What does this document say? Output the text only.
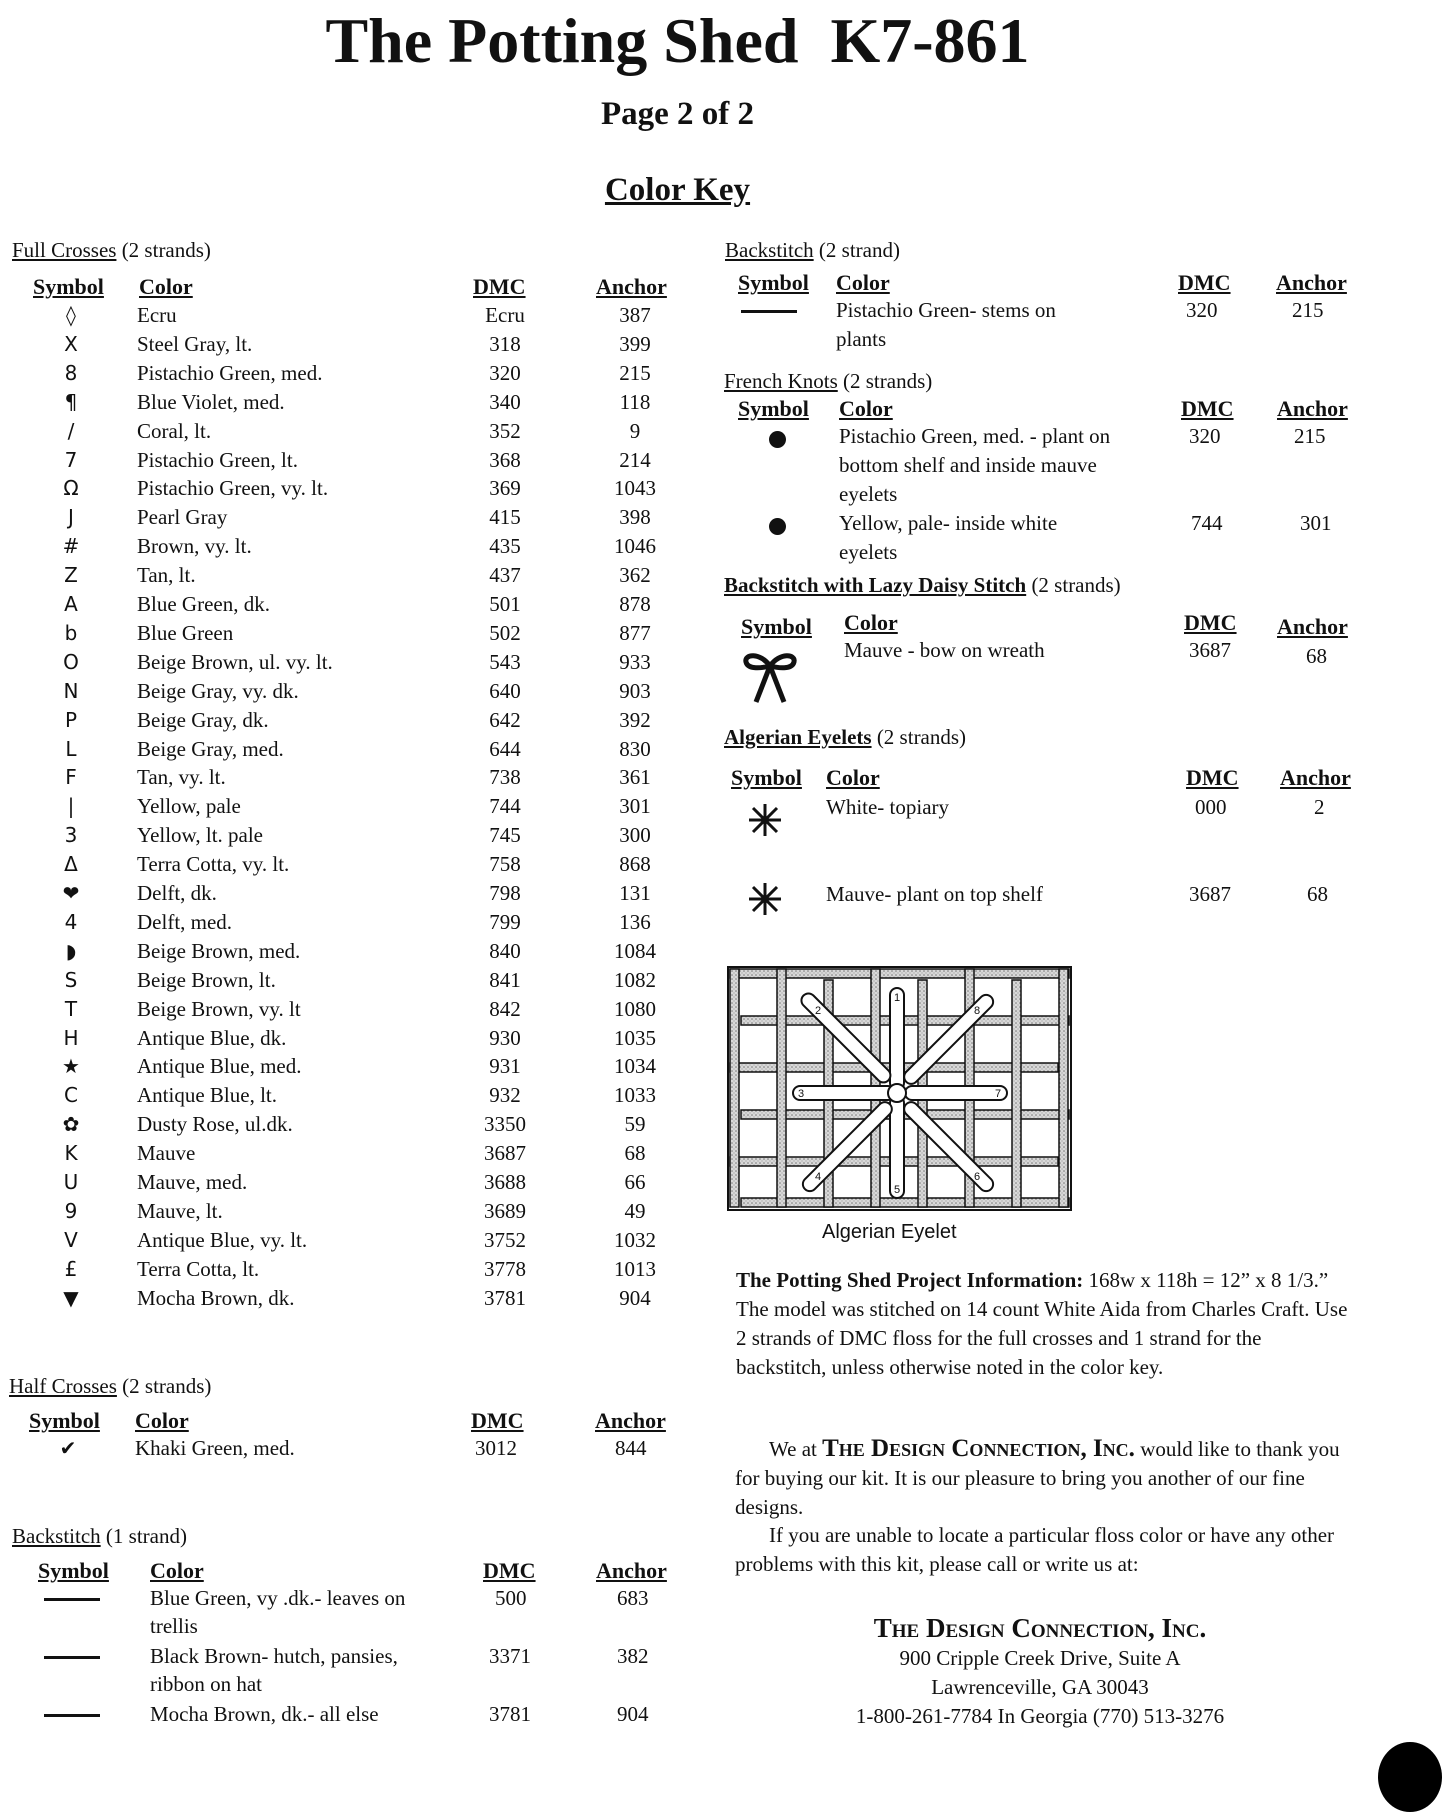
The Potting Shed  K7-861
Page 2 of 2
Color Key
Full Crosses (2 strands)
Symbol Color	DMC	Anchor
◊	Ecru	Ecru	387
X	Steel Gray, lt.	318	399
8	Pistachio Green, med.	320	215
¶	Blue Violet, med.	340	118
/	Coral, lt.	352	9
7	Pistachio Green, lt.	368	214
Ω	Pistachio Green, vy. lt.	369	1043
J	Pearl Gray	415	398
#	Brown, vy. lt.	435	1046
Z	Tan, lt.	437	362
A	Blue Green, dk.	501	878
b	Blue Green	502	877
O	Beige Brown, ul. vy. lt.	543	933
N	Beige Gray, vy. dk.	640	903
P	Beige Gray, dk.	642	392
L	Beige Gray, med.	644	830
F	Tan, vy. lt.	738	361
|	Yellow, pale	744	301
3	Yellow, lt. pale	745	300
Δ	Terra Cotta, vy. lt.	758	868
❤	Delft, dk.	798	131
4	Delft, med.	799	136
◗	Beige Brown, med.	840	1084
S	Beige Brown, lt.	841	1082
T	Beige Brown, vy. lt	842	1080
H	Antique Blue, dk.	930	1035
★	Antique Blue, med.	931	1034
C	Antique Blue, lt.	932	1033
✿	Dusty Rose, ul.dk.	3350	59
K	Mauve	3687	68
U	Mauve, med.	3688	66
9	Mauve, lt.	3689	49
V	Antique Blue, vy. lt.	3752	1032
£	Terra Cotta, lt.	3778	1013
▼	Mocha Brown, dk.	3781	904
Half Crosses (2 strands)
Symbol Color	DMC	Anchor
✔	Khaki Green, med.	3012	844
Backstitch (1 strand)
Symbol Color	DMC	Anchor
Blue Green, vy .dk.- leaves on
trellis
500	683
Black Brown- hutch, pansies,
ribbon on hat
3371	382
Mocha Brown, dk.- all else	3781	904
Backstitch (2 strand)
Symbol Color	DMC Anchor
Pistachio Green- stems on
plants
320	215
French Knots (2 strands)
Symbol Color	DMC Anchor
Pistachio Green, med. - plant on
bottom shelf and inside mauve
eyelets
320	215
Yellow, pale- inside white
eyelets
744	301
Backstitch with Lazy Daisy Stitch (2 strands)
Symbol Color	DMC Anchor
Mauve - bow on wreath	3687	68
Algerian Eyelets (2 strands)
Symbol Color	DMC Anchor
White- topiary	000	2
Mauve- plant on top shelf	3687	68
1
2
3
4
5
6
7
8
Algerian Eyelet
The Potting Shed Project Information: 168w x 118h = 12” x 8 1/3.” The model was stitched on 14 count White Aida from Charles Craft. Use 2 strands of DMC floss for the full crosses and 1 strand for the backstitch, unless otherwise noted in the color key.
We at The Design Connection, Inc. would like to thank you for buying our kit. It is our pleasure to bring you another of our fine designs.
If you are unable to locate a particular floss color or have any other problems with this kit, please call or write us at:
The Design Connection, Inc.
900 Cripple Creek Drive, Suite A
Lawrenceville, GA 30043
1-800-261-7784 In Georgia (770) 513-3276
